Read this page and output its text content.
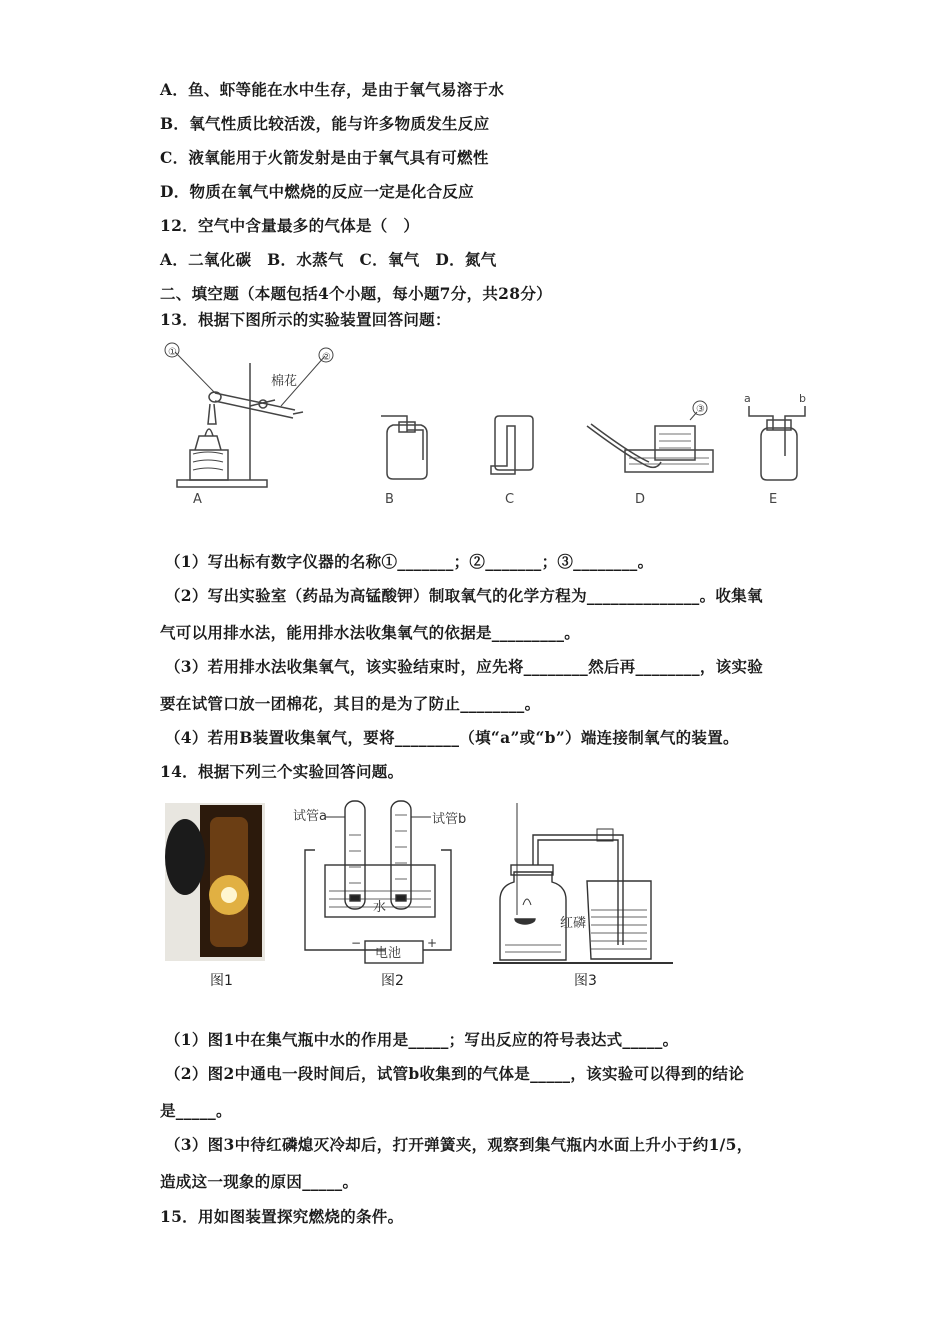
A．鱼、虾等能在水中生存，是由于氧气易溶于水
B．氧气性质比较活泼，能与许多物质发生反应
C．液氧能用于火箭发射是由于氧气具有可燃性
D．物质在氧气中燃烧的反应一定是化合反应
12．空气中含量最多的气体是（　）
A．二氧化碳　B．水蒸气　C．氧气　D．氮气
二、填空题（本题包括4个小题，每小题7分，共28分）
13．根据下图所示的实验装置回答问题：
①	②
棉花
③
a	b
A	B	C	D	E
（1）写出标有数字仪器的名称①_______；②_______；③________。
（2）写出实验室（药品为高锰酸钾）制取氧气的化学方程为______________。收集氧
气可以用排水法，能用排水法收集氧气的依据是_________。
（3）若用排水法收集氧气，该实验结束时，应先将________然后再________，该实验
要在试管口放一团棉花，其目的是为了防止________。
（4）若用B装置收集氧气，要将________（填“a”或“b”）端连接制氧气的装置。
14．根据下列三个实验回答问题。
试管a	试管b
水
电池
−	+
红磷
图1	图2	图3
（1）图1中在集气瓶中水的作用是_____；写出反应的符号表达式_____。
（2）图2中通电一段时间后，试管b收集到的气体是_____，该实验可以得到的结论
是_____。
（3）图3中待红磷熄灭冷却后，打开弹簧夹，观察到集气瓶内水面上升小于约1/5，
造成这一现象的原因_____。
15．用如图装置探究燃烧的条件。
